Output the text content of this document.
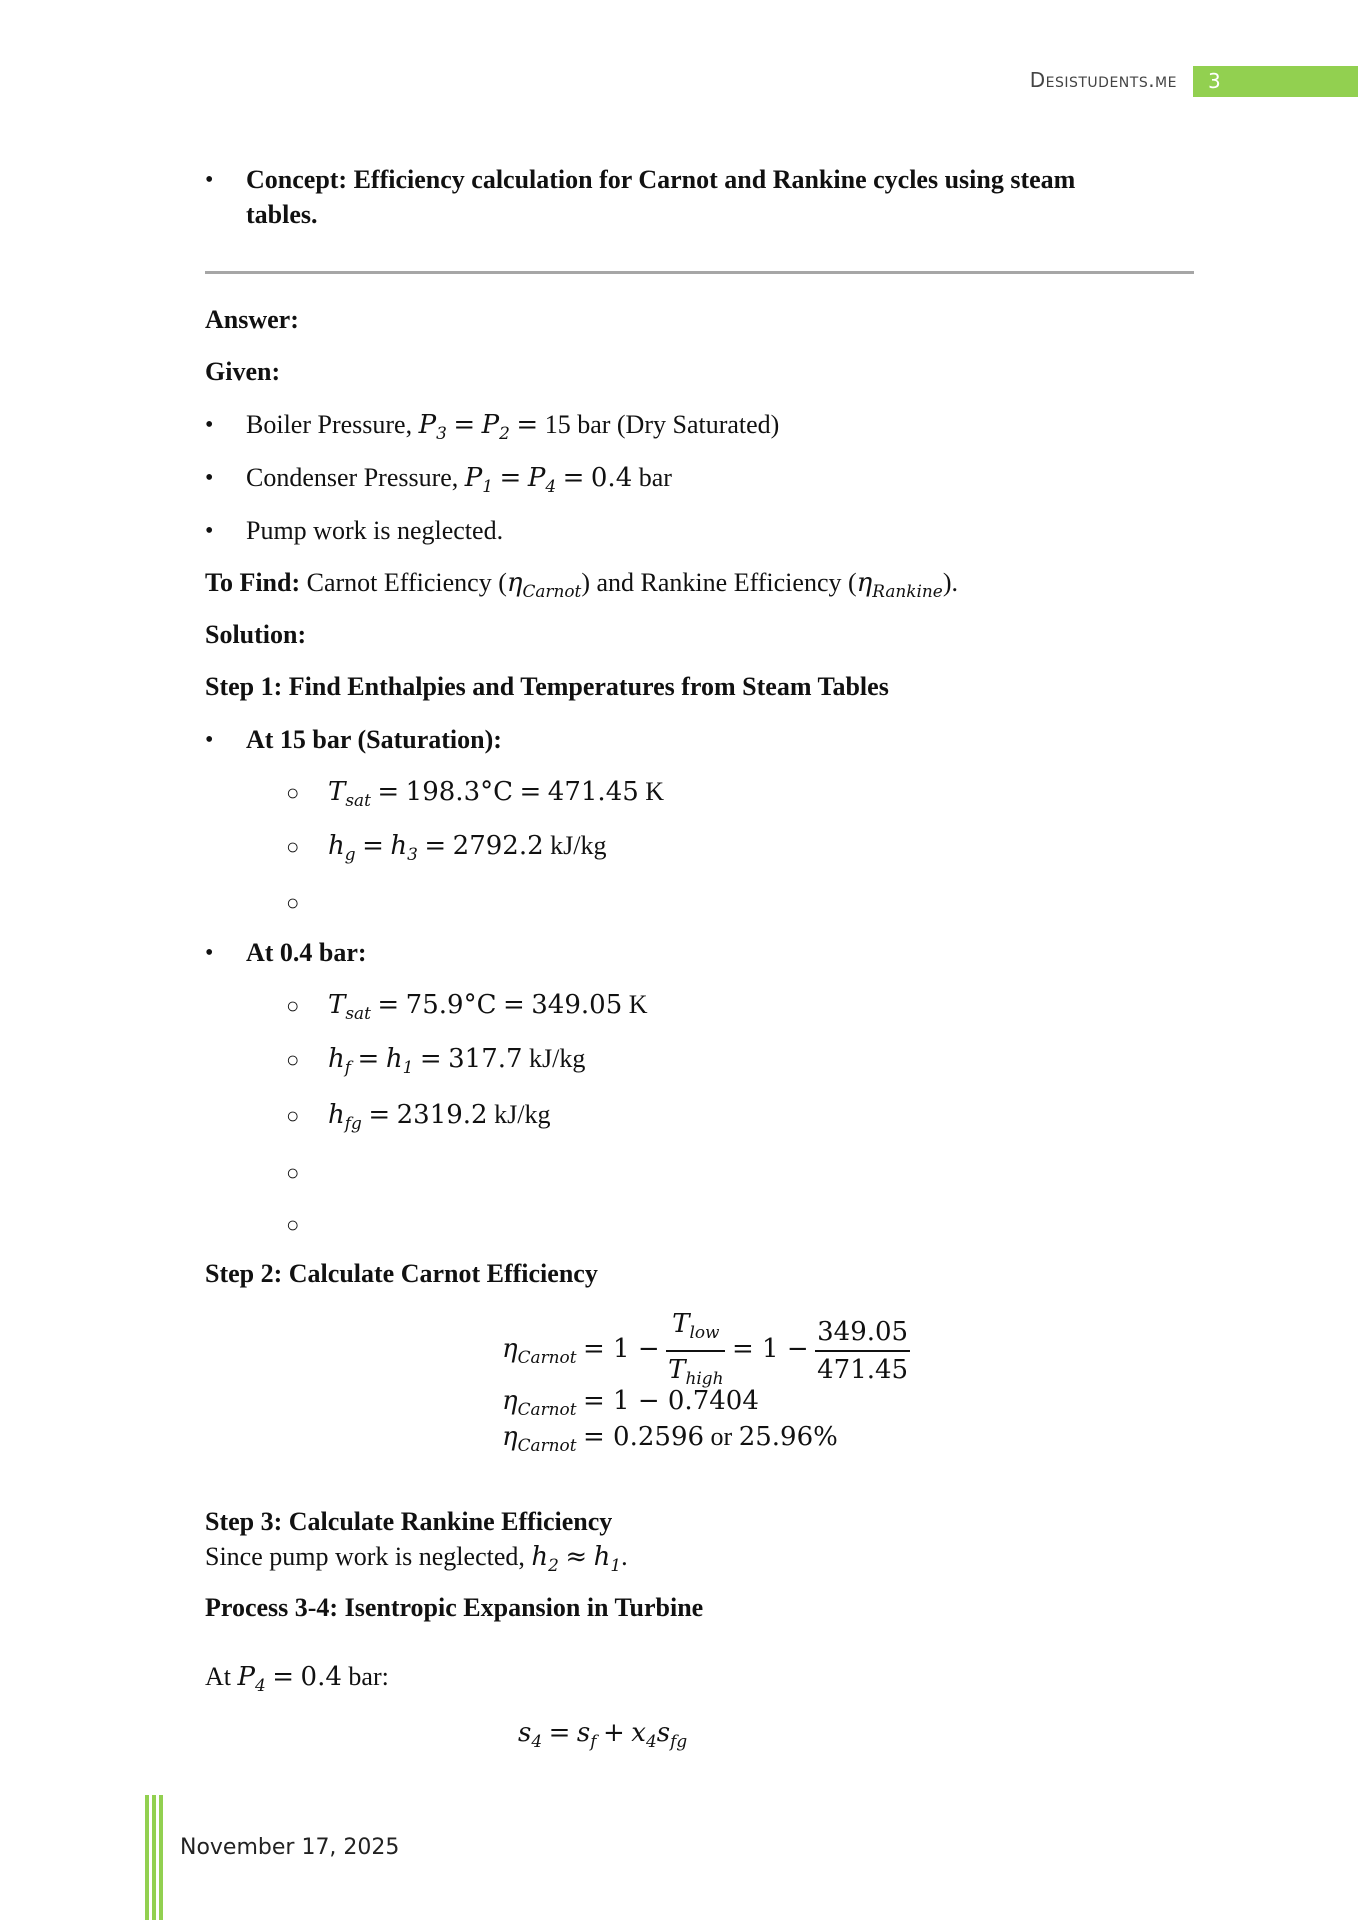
Desistudents.me 3
• Concept: Efficiency calculation for Carnot and Rankine cycles using steam
tables.
Answer:
Given:
• Boiler Pressure, $P_3 = P_2 = 15$ bar (Dry Saturated)
• Condenser Pressure, $P_1 = P_4 = 0.4$ bar
• Pump work is neglected.
To Find: Carnot Efficiency $(\eta_{Carnot})$ and Rankine Efficiency $(\eta_{Rankine})$.
Solution:
Step 1: Find Enthalpies and Temperatures from Steam Tables
• At 15 bar (Saturation):
○ $T_{sat} = 198.3^\circ C = 471.45$ K
○ $h_g = h_3 = 2792.2$ kJ/kg
○
• At 0.4 bar:
○ $T_{sat} = 75.9^\circ C = 349.05$ K
○ $h_f = h_1 = 317.7$ kJ/kg
○ $h_{fg} = 2319.2$ kJ/kg
○
○
Step 2: Calculate Carnot Efficiency
$\eta_{Carnot} = 1 - \frac{T_{low}}{T_{high}} = 1 - \frac{349.05}{471.45}$
$\eta_{Carnot} = 1 - 0.7404$
$\eta_{Carnot} = 0.2596$ or 25.96%
Step 3: Calculate Rankine Efficiency
Since pump work is neglected, $h_2 \approx h_1$.
Process 3-4: Isentropic Expansion in Turbine
At $P_4 = 0.4$ bar:
$s_4 = s_f + x_4s_{fg}$
November 17, 2025
